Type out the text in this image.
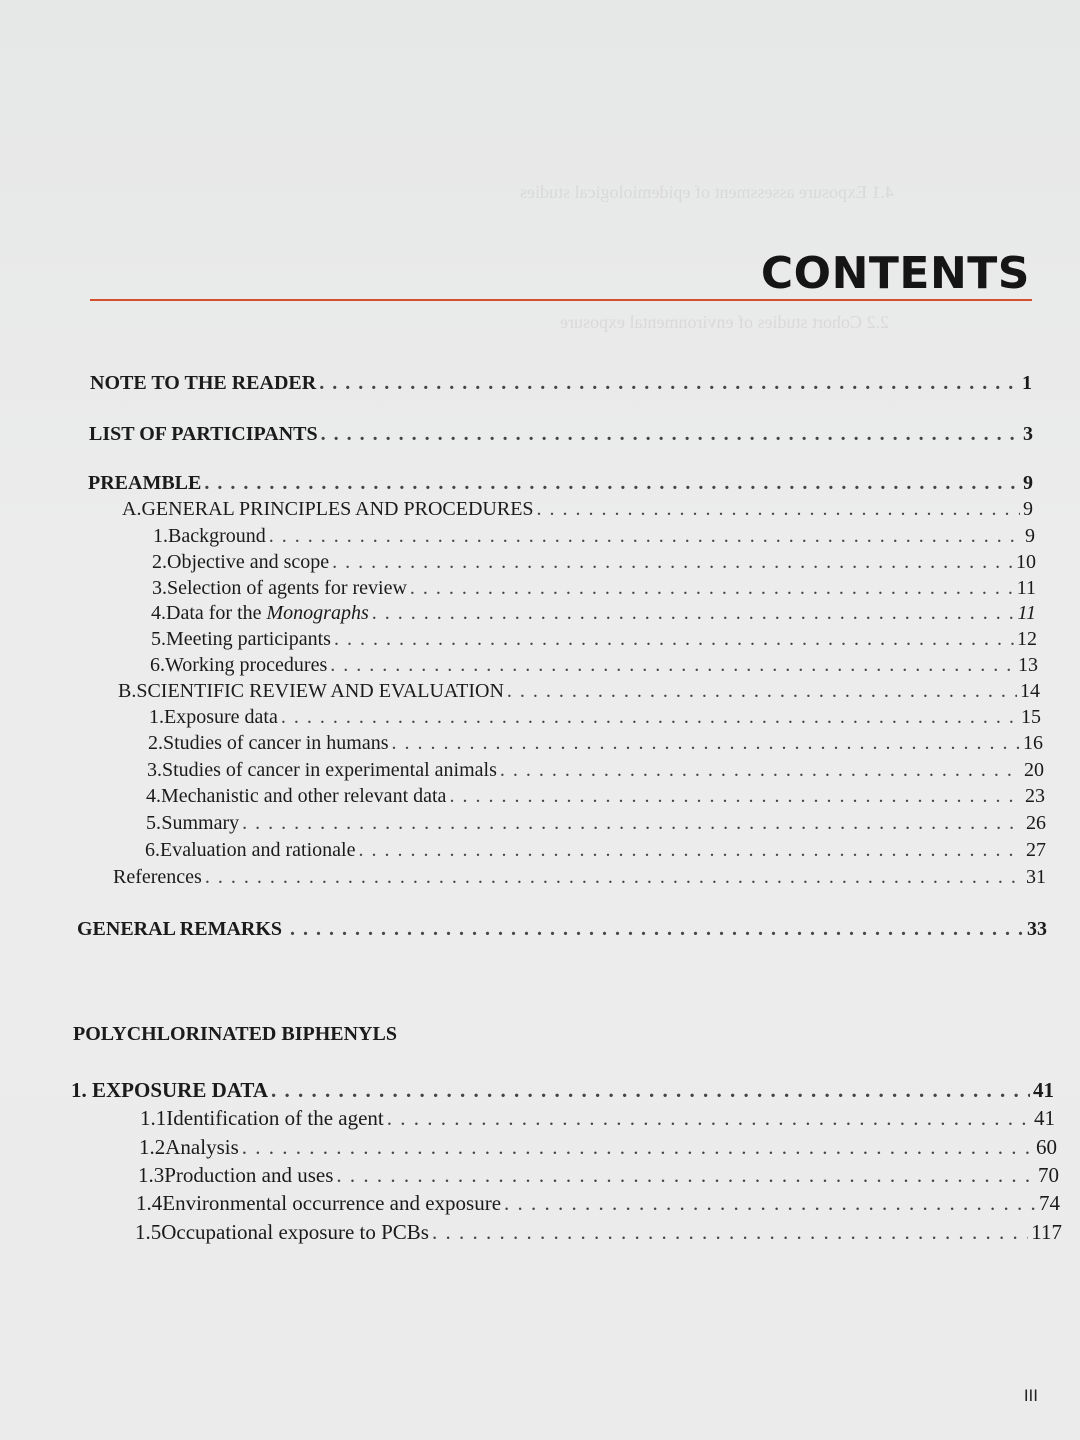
4.1 Exposure assessment of epidemiological studies
2.2 Cohort studies of environmental exposure
CONTENTS
NOTE TO THE READER . . .	1
LIST OF PARTICIPANTS . . .	3
PREAMBLE . . .	9
A. GENERAL PRINCIPLES AND PROCEDURES . . .	9
1. Background . . .	9
2. Objective and scope . . .	10
3. Selection of agents for review . . .	11
4. Data for the Monographs . . .	11
5. Meeting participants . . .	12
6. Working procedures . . .	13
B. SCIENTIFIC REVIEW AND EVALUATION . . .	14
1. Exposure data . . .	15
2. Studies of cancer in humans . . .	16
3. Studies of cancer in experimental animals . . .	20
4. Mechanistic and other relevant data . . .	23
5. Summary . . .	26
6. Evaluation and rationale . . .	27
References . . .	31
GENERAL REMARKS . . .	33
POLYCHLORINATED BIPHENYLS
1. EXPOSURE DATA . . .	41
1.1 Identification of the agent . . .	41
1.2 Analysis . . .	60
1.3 Production and uses . . .	70
1.4 Environmental occurrence and exposure . . .	74
1.5 Occupational exposure to PCBs . . .	117
III
